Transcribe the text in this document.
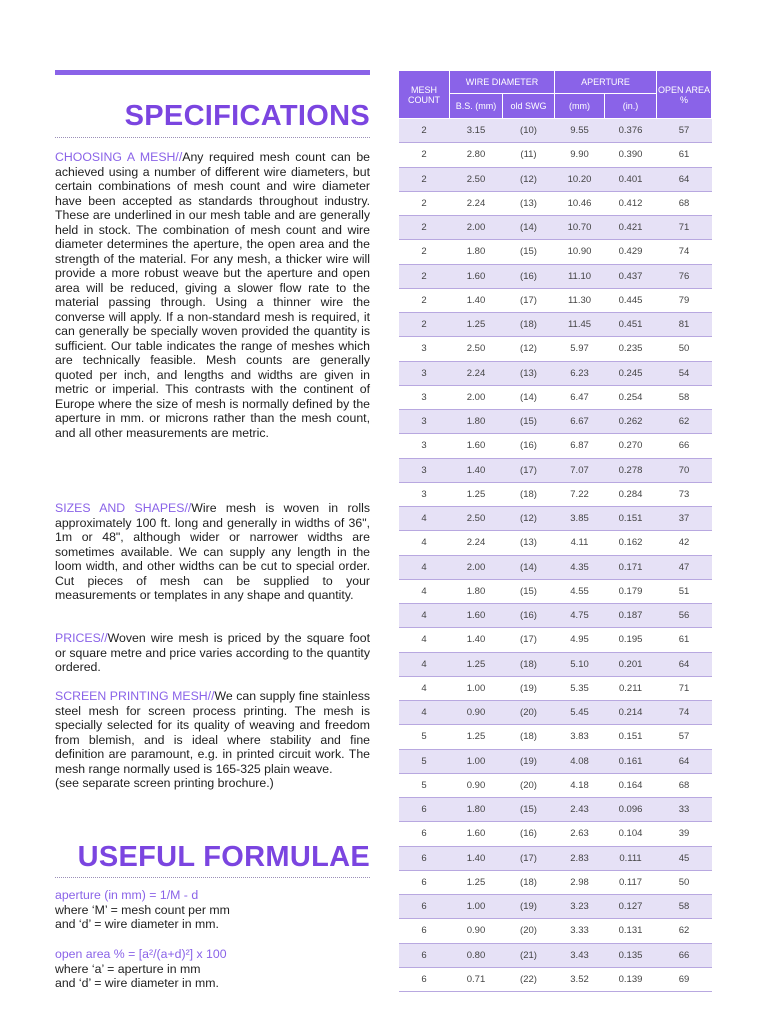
SPECIFICATIONS

CHOOSING A MESH//Any required mesh count can be achieved using a number of different wire diameters, but certain combinations of mesh count and wire diameter have been accepted as standards throughout industry. These are underlined in our mesh table and are generally held in stock. The combination of mesh count and wire diameter determines the aperture, the open area and the strength of the material. For any mesh, a thicker wire will provide a more robust weave but the aperture and open area will be reduced, giving a slower flow rate to the material passing through. Using a thinner wire the converse will apply. If a non-standard mesh is required, it can generally be specially woven provided the quantity is sufficient. Our table indicates the range of meshes which are technically feasible. Mesh counts are generally quoted per inch, and lengths and widths are given in metric or imperial. This contrasts with the continent of Europe where the size of mesh is normally defined by the aperture in mm. or microns rather than the mesh count, and all other measurements are metric.

SIZES AND SHAPES//Wire mesh is woven in rolls approximately 100 ft. long and generally in widths of 36", 1m or 48", although wider or narrower widths are sometimes available. We can supply any length in the loom width, and other widths can be cut to special order. Cut pieces of mesh can be supplied to your measurements or templates in any shape and quantity.

PRICES//Woven wire mesh is priced by the square foot or square metre and price varies according to the quantity ordered.

SCREEN PRINTING MESH//We can supply fine stainless steel mesh for screen process printing. The mesh is specially selected for its quality of weaving and freedom from blemish, and is ideal where stability and fine definition are paramount, e.g. in printed circuit work. The mesh range normally used is 165-325 plain weave.
(see separate screen printing brochure.)

USEFUL FORMULAE
aperture (in mm) = 1/M - d
where ‘M’ = mesh count per mm
and ‘d’ = wire diameter in mm.
open area % = [a²/(a+d)²] x 100
where ‘a’ = aperture in mm
and ‘d’ = wire diameter in mm.
MESH COUNT	WIRE DIAMETER		APERTURE		OPEN AREA %
	B.S. (mm)	old SWG	(mm)	(in.)	
2	3.15	(10)	9.55	0.376	57
2	2.80	(11)	9.90	0.390	61
2	2.50	(12)	10.20	0.401	64
2	2.24	(13)	10.46	0.412	68
2	2.00	(14)	10.70	0.421	71
2	1.80	(15)	10.90	0.429	74
2	1.60	(16)	11.10	0.437	76
2	1.40	(17)	11.30	0.445	79
2	1.25	(18)	11.45	0.451	81
3	2.50	(12)	5.97	0.235	50
3	2.24	(13)	6.23	0.245	54
3	2.00	(14)	6.47	0.254	58
3	1.80	(15)	6.67	0.262	62
3	1.60	(16)	6.87	0.270	66
3	1.40	(17)	7.07	0.278	70
3	1.25	(18)	7.22	0.284	73
4	2.50	(12)	3.85	0.151	37
4	2.24	(13)	4.11	0.162	42
4	2.00	(14)	4.35	0.171	47
4	1.80	(15)	4.55	0.179	51
4	1.60	(16)	4.75	0.187	56
4	1.40	(17)	4.95	0.195	61
4	1.25	(18)	5.10	0.201	64
4	1.00	(19)	5.35	0.211	71
4	0.90	(20)	5.45	0.214	74
5	1.25	(18)	3.83	0.151	57
5	1.00	(19)	4.08	0.161	64
5	0.90	(20)	4.18	0.164	68
6	1.80	(15)	2.43	0.096	33
6	1.60	(16)	2.63	0.104	39
6	1.40	(17)	2.83	0.111	45
6	1.25	(18)	2.98	0.117	50
6	1.00	(19)	3.23	0.127	58
6	0.90	(20)	3.33	0.131	62
6	0.80	(21)	3.43	0.135	66
6	0.71	(22)	3.52	0.139	69
